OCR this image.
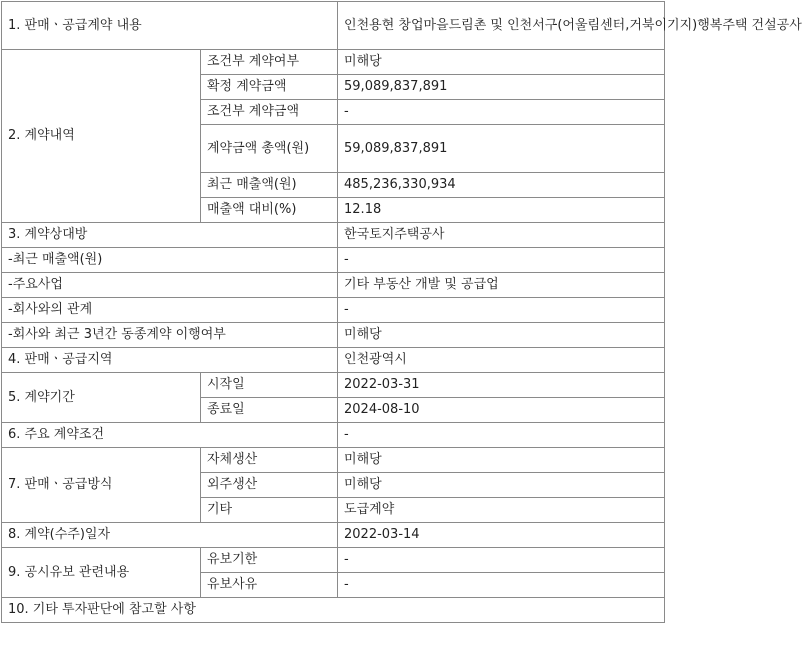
1. 판매ㆍ공급계약 내용		인천용현 창업마을드림촌 및 인천서구(어울림센터,거북이기지)행복주택 건설공사
2. 계약내역	조건부 계약여부	미해당
	확정 계약금액	59,089,837,891
	조건부 계약금액	-
	계약금액 총액(원)	59,089,837,891
	최근 매출액(원)	485,236,330,934
	매출액 대비(%)	12.18
3. 계약상대방		한국토지주택공사
-최근 매출액(원)		-
-주요사업		기타 부동산 개발 및 공급업
-회사와의 관계		-
-회사와 최근 3년간 동종계약 이행여부		미해당
4. 판매ㆍ공급지역		인천광역시
5. 계약기간	시작일	2022-03-31
	종료일	2024-08-10
6. 주요 계약조건		-
7. 판매ㆍ공급방식	자체생산	미해당
	외주생산	미해당
	기타	도급계약
8. 계약(수주)일자		2022-03-14
9. 공시유보 관련내용	유보기한	-
	유보사유	-
10. 기타 투자판단에 참고할 사항		
